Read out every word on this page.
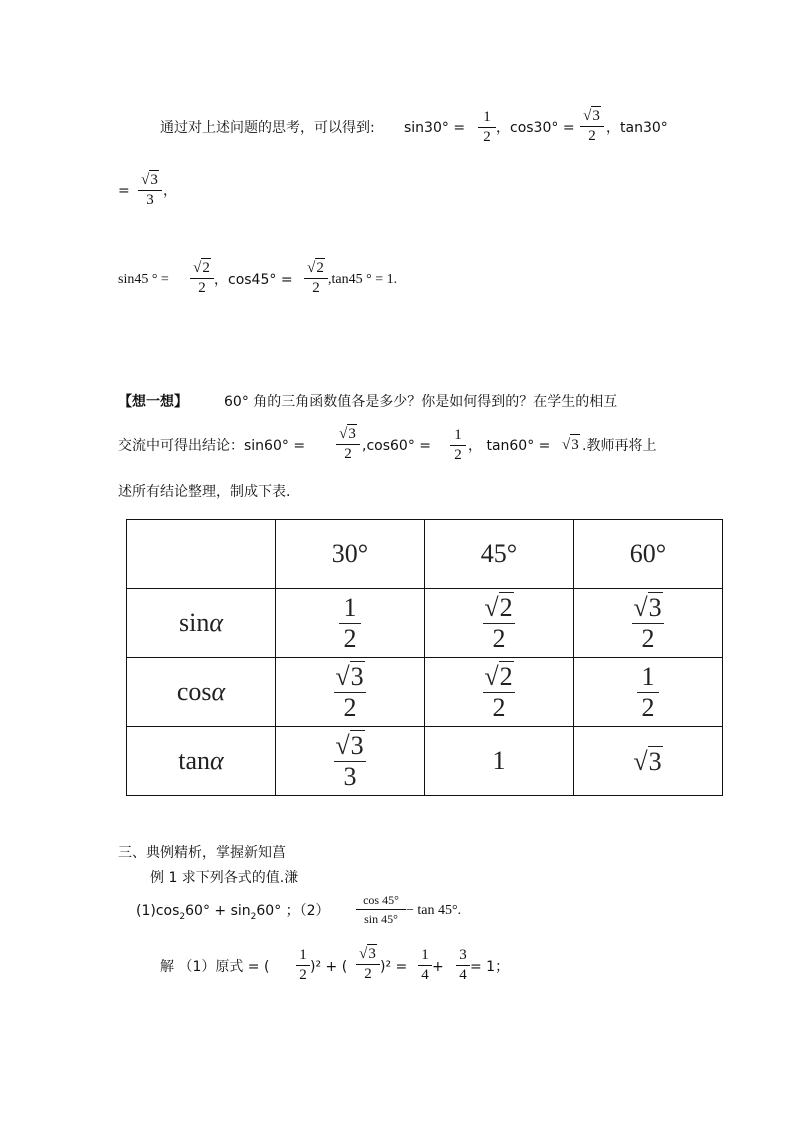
通过对上述问题的思考，可以得到: sin30° =
1
2
，cos30° =
√3
2 ，tan30°
=
√3
3
，
sin45 ° =
√2
2 ，cos45° =
√2
2
,tan45 ° = 1.
【想一想】	60° 角的三角函数值各是多少？你是如何得到的？在学生的相互
交流中可得出结论：sin60° =
√3
2 ,cos60° =
1
2
， tan60° = √3 .教师再将上
述所有结论整理，制成下表.
	30°	45°	60°
sinα	$\frac{1}{2}$	$\frac{√2}{2}$	$\frac{√3}{2}$

cosα	$\frac{√3}{2}$	$\frac{√2}{2}$	$\frac{1}{2}$

tanα	$\frac{√3}{3}$	1	√3
三、典例精析，掌握新知菖
例 1 求下列各式的值.溓
$(1)\cos_260^\circ + \sin_260^\circ$ ；（2）
cos 45°
sin 45°
− tan 45°.
解 （1）原式 = (
1
2 )² + (
√3
2 )² =
1
4 +
3
4 = 1；
